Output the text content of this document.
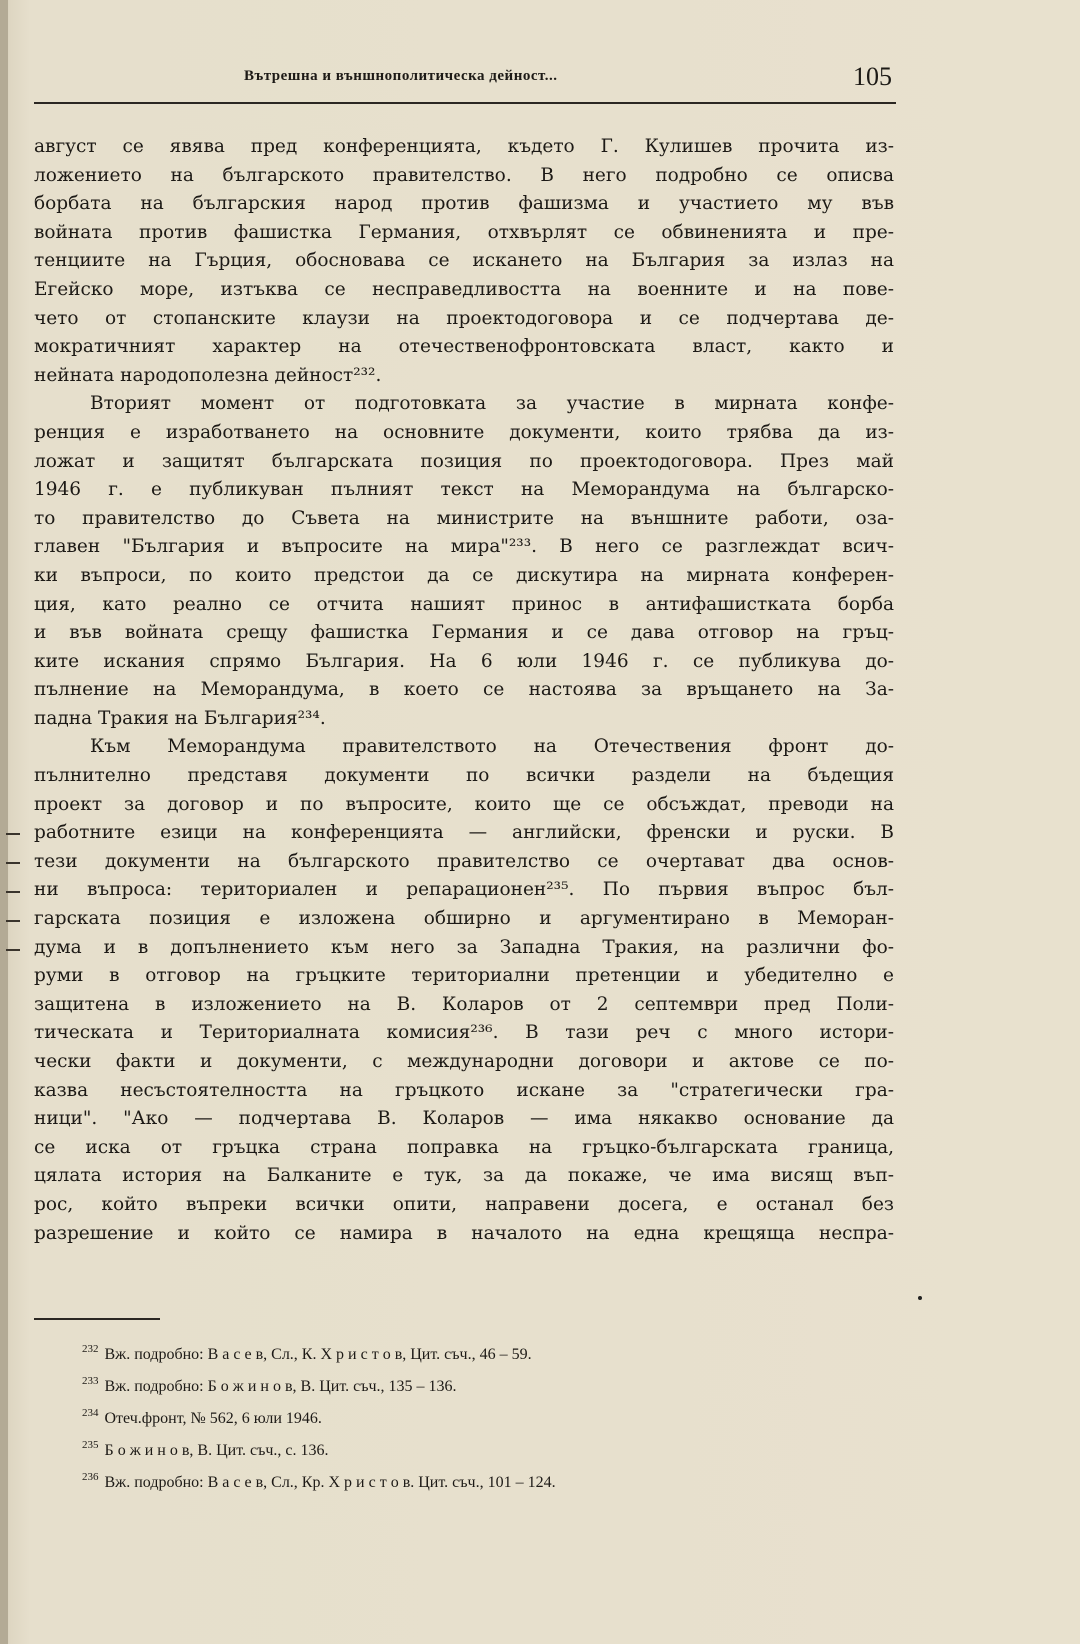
Вътрешна и външнополитическа дейност...	105
август се явява пред конференцията, където Г. Кулишев прочита из-
ложението на българското правителство. В него подробно се описва
борбата на българския народ против фашизма и участието му във
войната против фашистка Германия, отхвърлят се обвиненията и пре-
тенциите на Гърция, обосновава се искането на България за излаз на
Егейско море, изтъква се несправедливостта на военните и на пове-
чето от стопанските клаузи на проектодоговора и се подчертава де-
мократичният характер на отечественофронтовската власт, както и
нейната народополезна дейност²³².
Вторият момент от подготовката за участие в мирната конфе-
ренция е изработването на основните документи, които трябва да из-
ложат и защитят българската позиция по проектодоговора. През май
1946 г. е публикуван пълният текст на Меморандума на българско-
то правителство до Съвета на министрите на външните работи, оза-
главен "България и въпросите на мира"²³³. В него се разглеждат всич-
ки въпроси, по които предстои да се дискутира на мирната конферен-
ция, като реално се отчита нашият принос в антифашистката борба
и във войната срещу фашистка Германия и се дава отговор на гръц-
ките искания спрямо България. На 6 юли 1946 г. се публикува до-
пълнение на Меморандума, в което се настоява за връщането на За-
падна Тракия на България²³⁴.
Към Меморандума правителството на Отечествения фронт до-
пълнително представя документи по всички раздели на бъдещия
проект за договор и по въпросите, които ще се обсъждат, преводи на
работните езици на конференцията — английски, френски и руски. В
тези документи на българското правителство се очертават два основ-
ни въпроса: териториален и репарационен²³⁵. По първия въпрос бъл-
гарската позиция е изложена обширно и аргументирано в Меморан-
дума и в допълнението към него за Западна Тракия, на различни фо-
руми в отговор на гръцките териториални претенции и убедително е
защитена в изложението на В. Коларов от 2 септември пред Поли-
тическата и Териториалната комисия²³⁶. В тази реч с много истори-
чески факти и документи, с международни договори и актове се по-
казва несъстоятелността на гръцкото искане за "стратегически гра-
ници". "Ако — подчертава В. Коларов — има някакво основание да
се иска от гръцка страна поправка на гръцко-българската граница,
цялата история на Балканите е тук, за да покаже, че има висящ въп-
рос, който въпреки всички опити, направени досега, е останал без
разрешение и който се намира в началото на една крещяща неспра-
$^{232}$ Вж. подробно: В а с е в, Сл., К. Х р и с т о в, Цит. съч., 46 – 59.
$^{233}$ Вж. подробно: Б о ж и н о в, В. Цит. съч., 135 – 136.
$^{234}$ Отеч.фронт, № 562, 6 юли 1946.
$^{235}$ Б о ж и н о в, В. Цит. съч., с. 136.
$^{236}$ Вж. подробно: В а с е в, Сл., Кр. Х р и с т о в. Цит. съч., 101 – 124.
